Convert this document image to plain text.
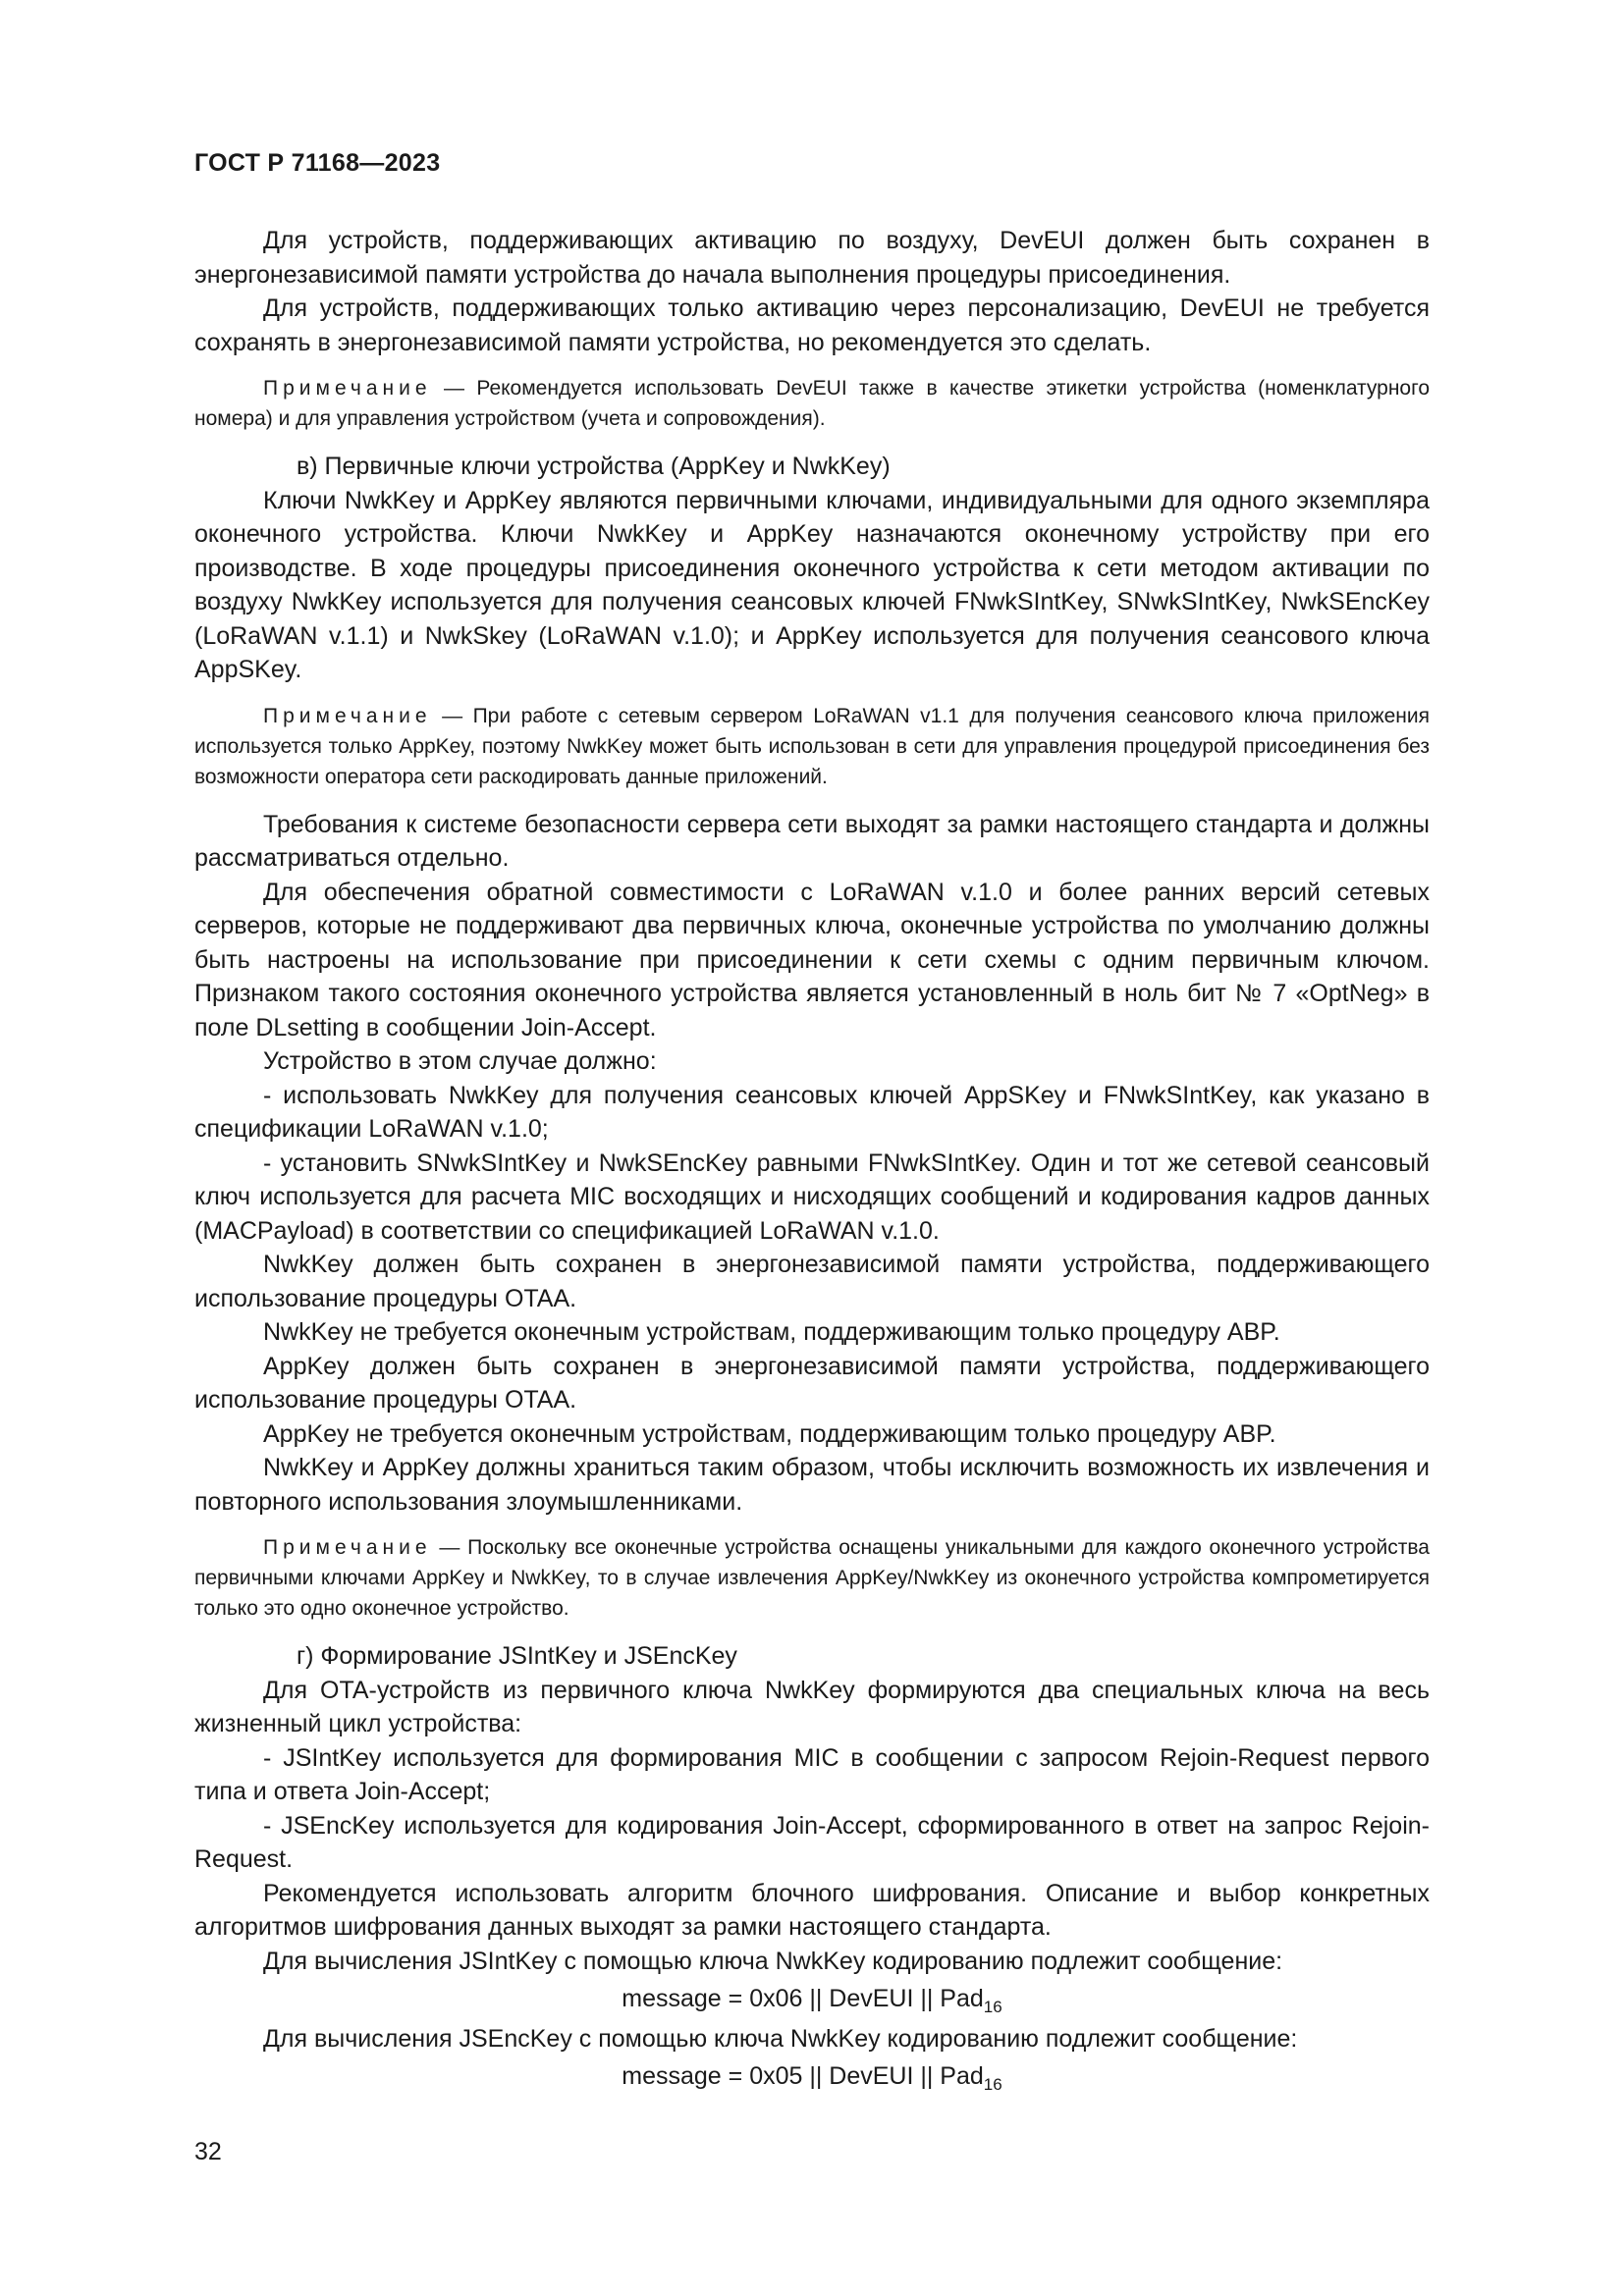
ГОСТ Р 71168—2023

Для устройств, поддерживающих активацию по воздуху, DevEUI должен быть сохранен в энергонезависимой памяти устройства до начала выполнения процедуры присоединения.

Для устройств, поддерживающих только активацию через персонализацию, DevEUI не требуется сохранять в энергонезависимой памяти устройства, но рекомендуется это сделать.

Примечание — Рекомендуется использовать DevEUI также в качестве этикетки устройства (номенклатурного номера) и для управления устройством (учета и сопровождения).

в) Первичные ключи устройства (AppKey и NwkKey)

Ключи NwkKey и AppKey являются первичными ключами, индивидуальными для одного экземпляра оконечного устройства. Ключи NwkKey и AppKey назначаются оконечному устройству при его производстве. В ходе процедуры присоединения оконечного устройства к сети методом активации по воздуху NwkKey используется для получения сеансовых ключей FNwkSIntKey, SNwkSIntKey, NwkSEncKey (LoRaWAN v.1.1) и NwkSkey (LoRaWAN v.1.0); и AppKey используется для получения сеансового ключа AppSKey.

Примечание — При работе с сетевым сервером LoRaWAN v1.1 для получения сеансового ключа приложения используется только AppKey, поэтому NwkKey может быть использован в сети для управления процедурой присоединения без возможности оператора сети раскодировать данные приложений.

Требования к системе безопасности сервера сети выходят за рамки настоящего стандарта и должны рассматриваться отдельно.

Для обеспечения обратной совместимости с LoRaWAN v.1.0 и более ранних версий сетевых серверов, которые не поддерживают два первичных ключа, оконечные устройства по умолчанию должны быть настроены на использование при присоединении к сети схемы с одним первичным ключом. Признаком такого состояния оконечного устройства является установленный в ноль бит № 7 «OptNeg» в поле DLsetting в сообщении Join-Accept.

Устройство в этом случае должно:

- использовать NwkKey для получения сеансовых ключей AppSKey и FNwkSIntKey, как указано в спецификации LoRaWAN v.1.0;

- установить SNwkSIntKey и NwkSEncKey равными FNwkSIntKey. Один и тот же сетевой сеансовый ключ используется для расчета MIC восходящих и нисходящих сообщений и кодирования кадров данных (MACPayload) в соответствии со спецификацией LoRaWAN v.1.0.

NwkKey должен быть сохранен в энергонезависимой памяти устройства, поддерживающего использование процедуры OTAA.

NwkKey не требуется оконечным устройствам, поддерживающим только процедуру ABP.

AppKey должен быть сохранен в энергонезависимой памяти устройства, поддерживающего использование процедуры OTAA.

AppKey не требуется оконечным устройствам, поддерживающим только процедуру ABP.

NwkKey и AppKey должны храниться таким образом, чтобы исключить возможность их извлечения и повторного использования злоумышленниками.

Примечание — Поскольку все оконечные устройства оснащены уникальными для каждого оконечного устройства первичными ключами AppKey и NwkKey, то в случае извлечения AppKey/NwkKey из оконечного устройства компрометируется только это одно оконечное устройство.

г) Формирование JSIntKey и JSEncKey

Для OTA-устройств из первичного ключа NwkKey формируются два специальных ключа на весь жизненный цикл устройства:

- JSIntKey используется для формирования MIC в сообщении с запросом Rejoin-Request первого типа и ответа Join-Accept;

- JSEncKey используется для кодирования Join-Accept, сформированного в ответ на запрос Rejoin-Request.

Рекомендуется использовать алгоритм блочного шифрования. Описание и выбор конкретных алгоритмов шифрования данных выходят за рамки настоящего стандарта.

Для вычисления JSIntKey с помощью ключа NwkKey кодированию подлежит сообщение:

message = 0x06 || DevEUI || Pad$_{16}$

Для вычисления JSEncKey с помощью ключа NwkKey кодированию подлежит сообщение:

message = 0x05 || DevEUI || Pad$_{16}$

32
